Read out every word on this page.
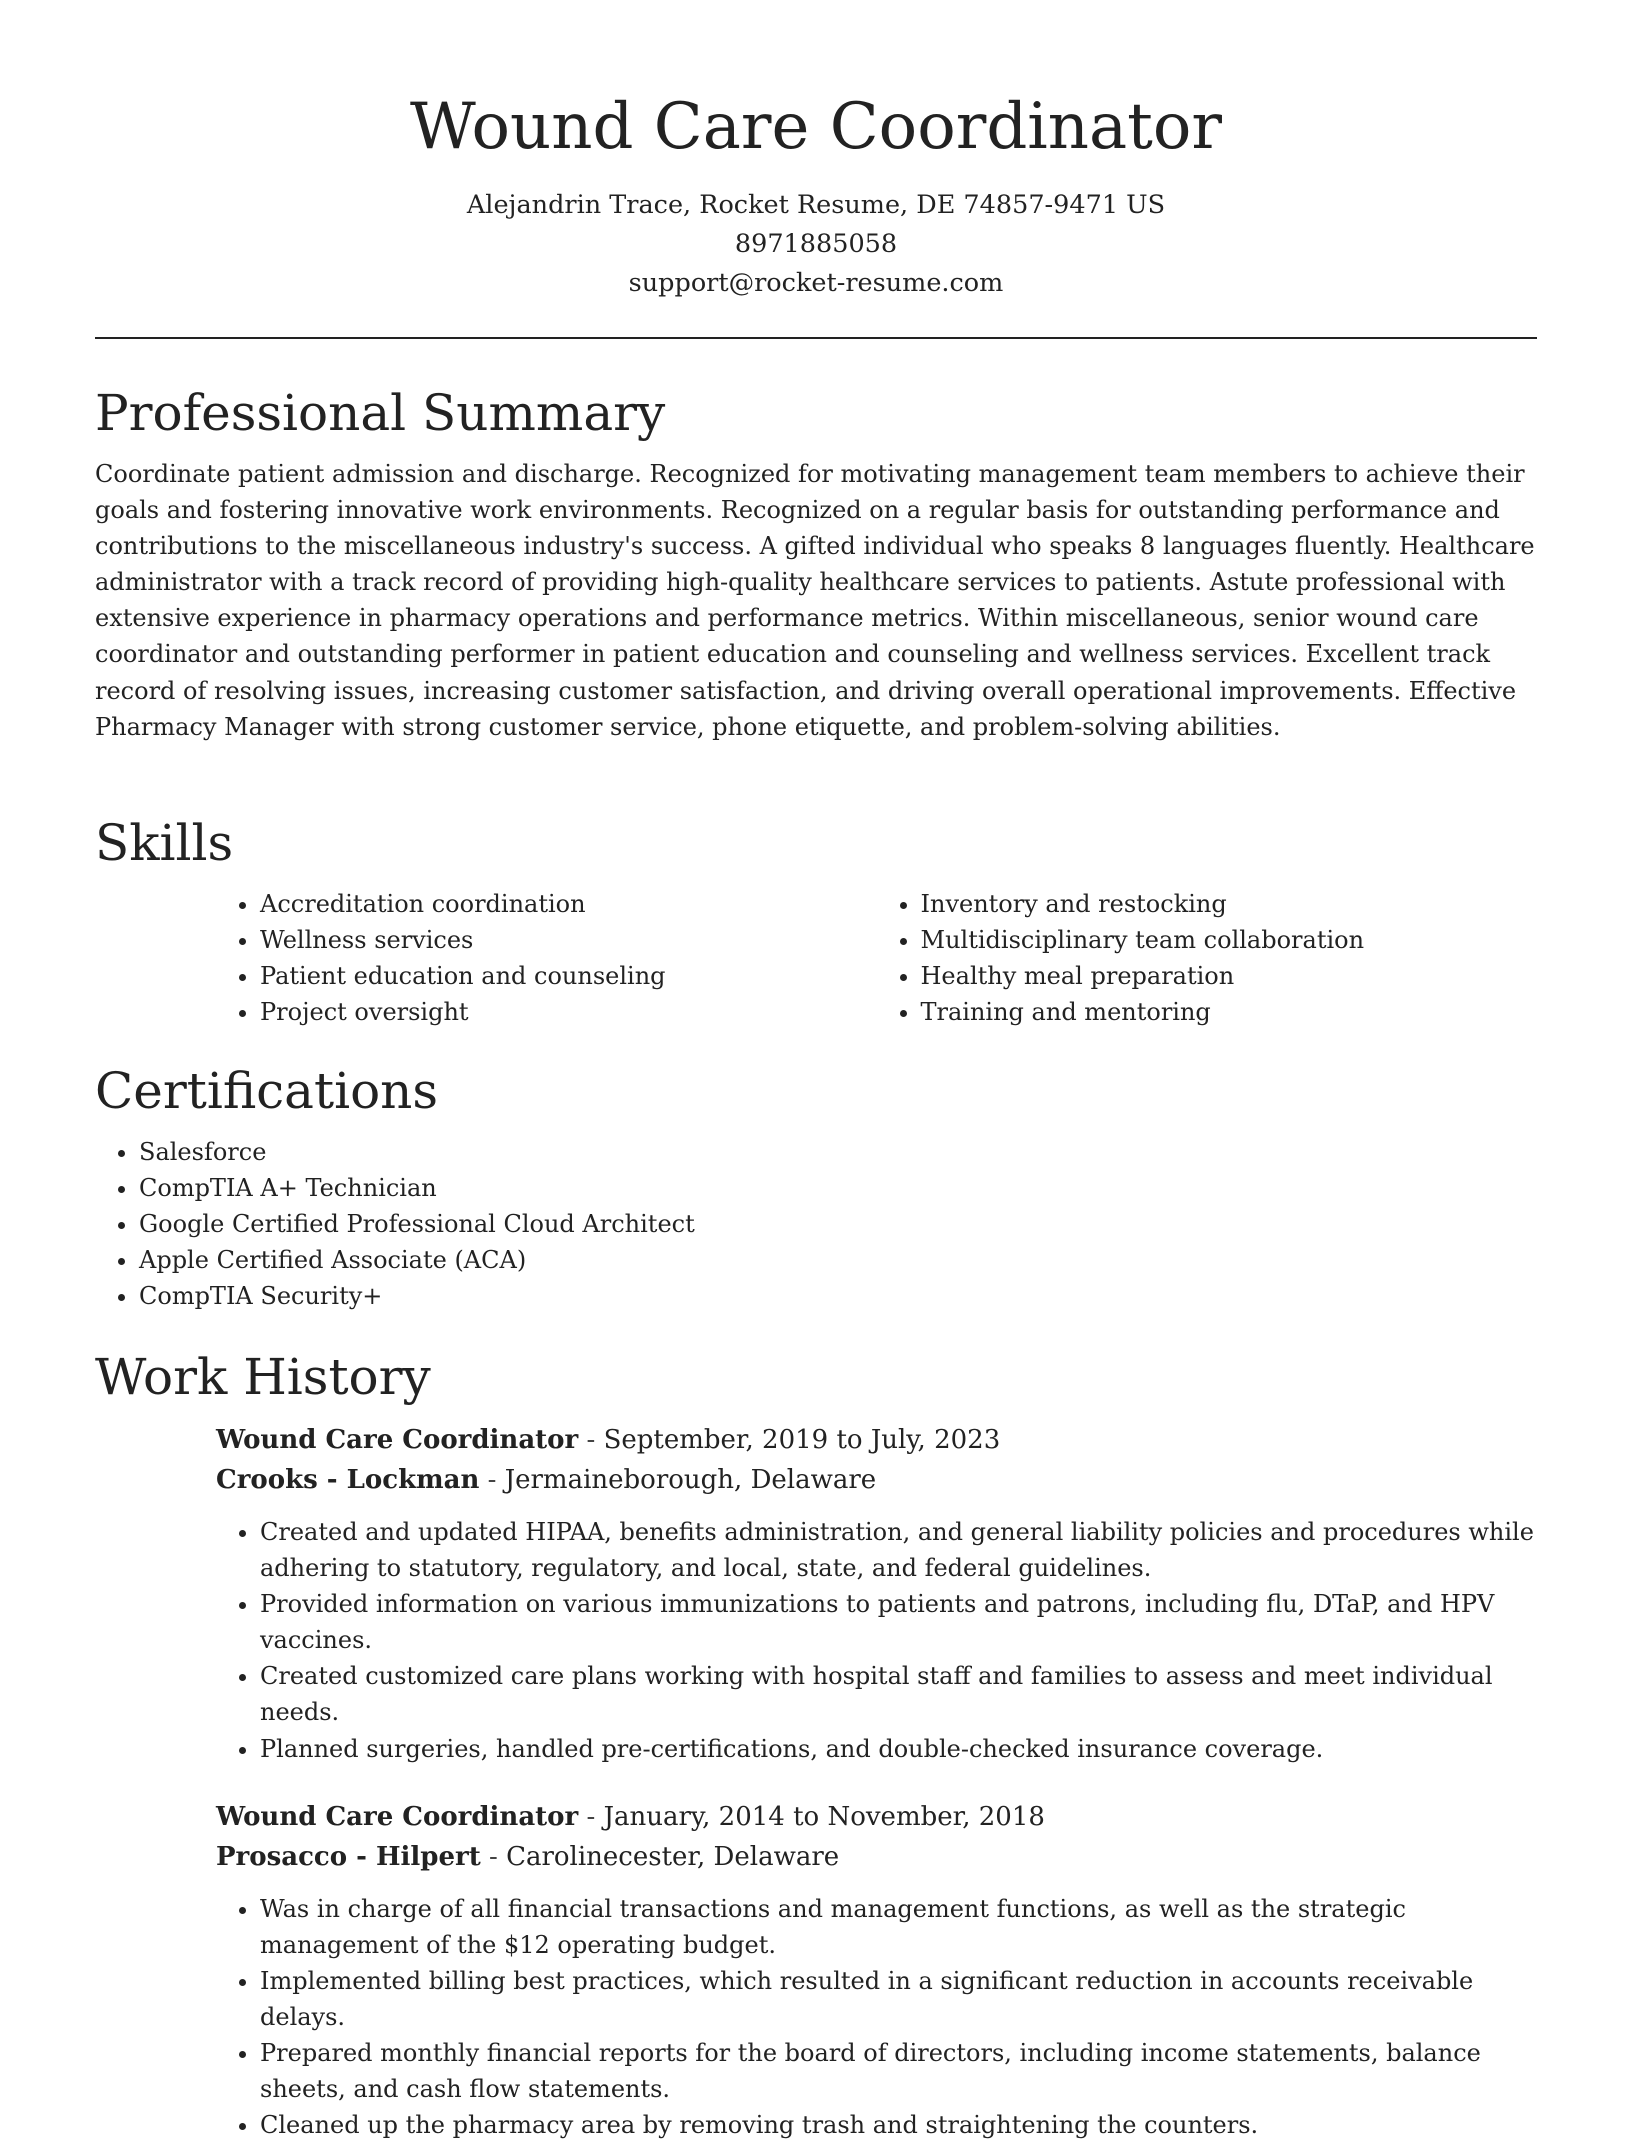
Wound Care Coordinator
Alejandrin Trace, Rocket Resume, DE 74857-9471 US
8971885058
support@rocket-resume.com
Professional Summary

Coordinate patient admission and discharge. Recognized for motivating management team members to achieve their goals and fostering innovative work environments. Recognized on a regular basis for outstanding performance and contributions to the miscellaneous industry's success. A gifted individual who speaks 8 languages fluently. Healthcare administrator with a track record of providing high-quality healthcare services to patients. Astute professional with extensive experience in pharmacy operations and performance metrics. Within miscellaneous, senior wound care coordinator and outstanding performer in patient education and counseling and wellness services. Excellent track record of resolving issues, increasing customer satisfaction, and driving overall operational improvements. Effective Pharmacy Manager with strong customer service, phone etiquette, and problem-solving abilities.

Skills
• Accreditation coordination
• Wellness services
• Patient education and counseling
• Project oversight
• Inventory and restocking
• Multidisciplinary team collaboration
• Healthy meal preparation
• Training and mentoring
Certifications
• Salesforce
• CompTIA A+ Technician
• Google Certified Professional Cloud Architect
• Apple Certified Associate (ACA)
• CompTIA Security+
Work History
Wound Care Coordinator - September, 2019 to July, 2023
Crooks - Lockman - Jermaineborough, Delaware
• Created and updated HIPAA, benefits administration, and general liability policies and procedures while adhering to statutory, regulatory, and local, state, and federal guidelines.
• Provided information on various immunizations to patients and patrons, including flu, DTaP, and HPV vaccines.
• Created customized care plans working with hospital staff and families to assess and meet individual needs.
• Planned surgeries, handled pre-certifications, and double-checked insurance coverage.
Wound Care Coordinator - January, 2014 to November, 2018
Prosacco - Hilpert - Carolinecester, Delaware
• Was in charge of all financial transactions and management functions, as well as the strategic management of the $12 operating budget.
• Implemented billing best practices, which resulted in a significant reduction in accounts receivable delays.
• Prepared monthly financial reports for the board of directors, including income statements, balance sheets, and cash flow statements.
• Cleaned up the pharmacy area by removing trash and straightening the counters.
